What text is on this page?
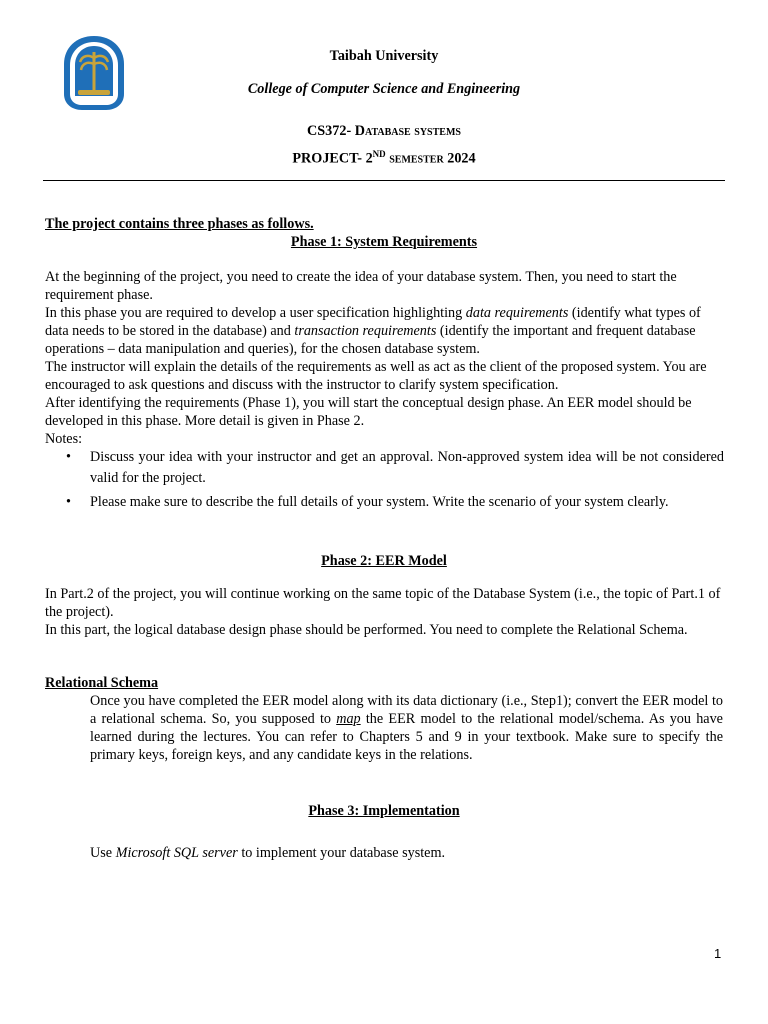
Taibah University
College of Computer Science and Engineering
CS372- Database systems
PROJECT- 2ND semester 2024
The project contains three phases as follows.
Phase 1: System Requirements

At the beginning of the project, you need to create the idea of your database system. Then, you need to start the requirement phase.

In this phase you are required to develop a user specification highlighting data requirements (identify what types of data needs to be stored in the database) and transaction requirements (identify the important and frequent database operations – data manipulation and queries), for the chosen database system.

The instructor will explain the details of the requirements as well as act as the client of the proposed system. You are encouraged to ask questions and discuss with the instructor to clarify system specification.

After identifying the requirements (Phase 1), you will start the conceptual design phase. An EER model should be developed in this phase. More detail is given in Phase 2.

Notes:

• Discuss your idea with your instructor and get an approval. Non-approved system idea will be not considered valid for the project.
• Please make sure to describe the full details of your system. Write the scenario of your system clearly.
Phase 2: EER Model

In Part.2 of the project, you will continue working on the same topic of the Database System (i.e., the topic of Part.1 of the project).

In this part, the logical database design phase should be performed. You need to complete the Relational Schema.

Relational Schema
Once you have completed the EER model along with its data dictionary (i.e., Step1); convert the EER model to a relational schema. So, you supposed to map the EER model to the relational model/schema. As you have learned during the lectures. You can refer to Chapters 5 and 9 in your textbook. Make sure to specify the primary keys, foreign keys, and any candidate keys in the relations.
Phase 3: Implementation
Use Microsoft SQL server to implement your database system.
1
